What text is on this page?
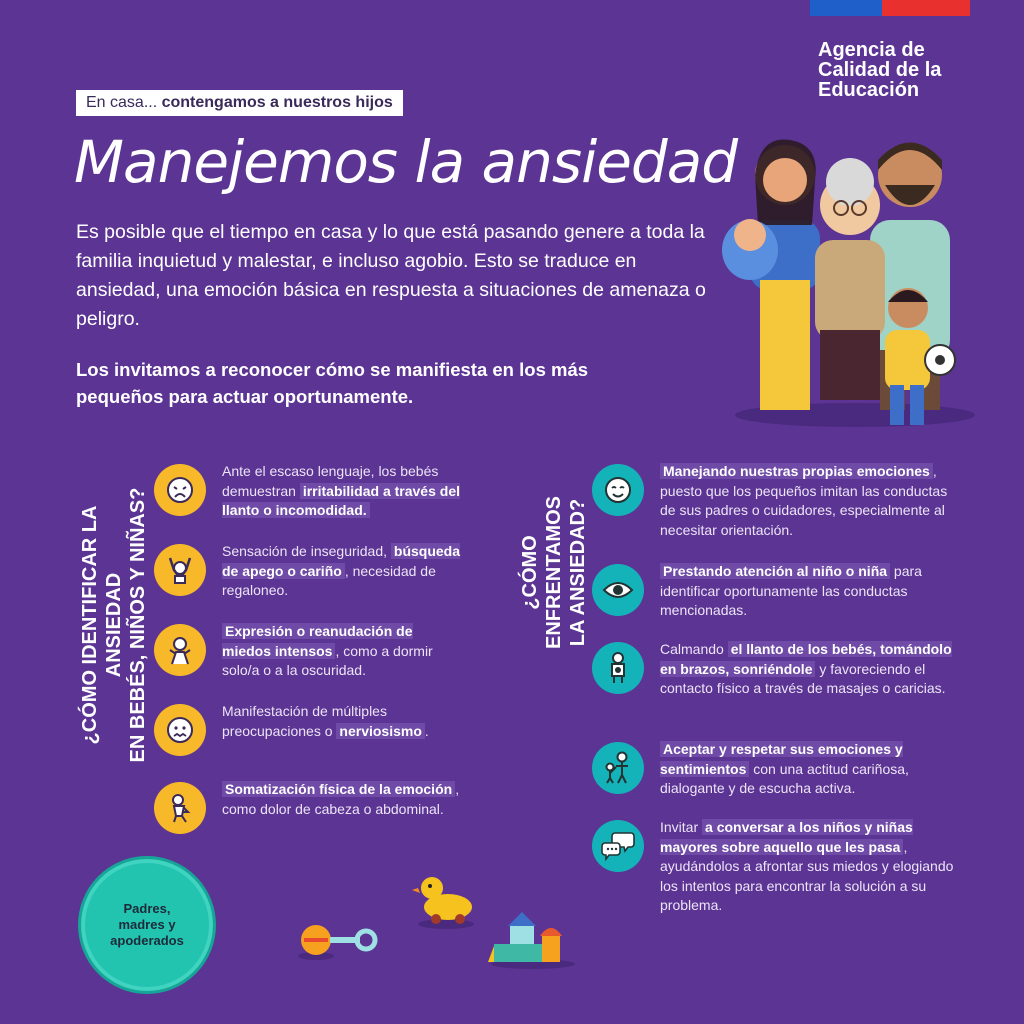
Agencia de
Calidad de la
Educación
En casa... contengamos a nuestros hijos
Manejemos la ansiedad
Es posible que el tiempo en casa y lo que está pasando genere a toda la familia inquietud y malestar, e incluso agobio. Esto se traduce en ansiedad, una emoción básica en respuesta a situaciones de amenaza o peligro.
Los invitamos a reconocer cómo se manifiesta en los más pequeños para actuar oportunamente.
¿CÓMO IDENTIFICAR LA ANSIEDAD
EN BEBÉS, NIÑOS Y NIÑAS?
¿CÓMO ENFRENTAMOS
LA ANSIEDAD?
Ante el escaso lenguaje, los bebés demuestran irritabilidad a través del llanto o incomodidad.
Sensación de inseguridad, búsqueda de apego o cariño , necesidad de regaloneo.
Expresión o reanudación de miedos intensos , como a dormir solo/a o a la oscuridad.
Manifestación de múltiples preocupaciones o nerviosismo .
Somatización física de la emoción , como dolor de cabeza o abdominal.
Manejando nuestras propias emociones , puesto que los pequeños imitan las conductas de sus padres o cuidadores, especialmente al necesitar orientación.
Prestando atención al niño o niña para identificar oportunamente las conductas mencionadas.
Calmando el llanto de los bebés, tomándolo en brazos, sonriéndole y favoreciendo el contacto físico a través de masajes o caricias.
Aceptar y respetar sus emociones y sentimientos con una actitud cariñosa, dialogante y de escucha activa.
Invitar a conversar a los niños y niñas mayores sobre aquello que les pasa , ayudándolos a afrontar sus miedos y elogiando los intentos para encontrar la solución a su problema.
Padres,
madres y
apoderados
